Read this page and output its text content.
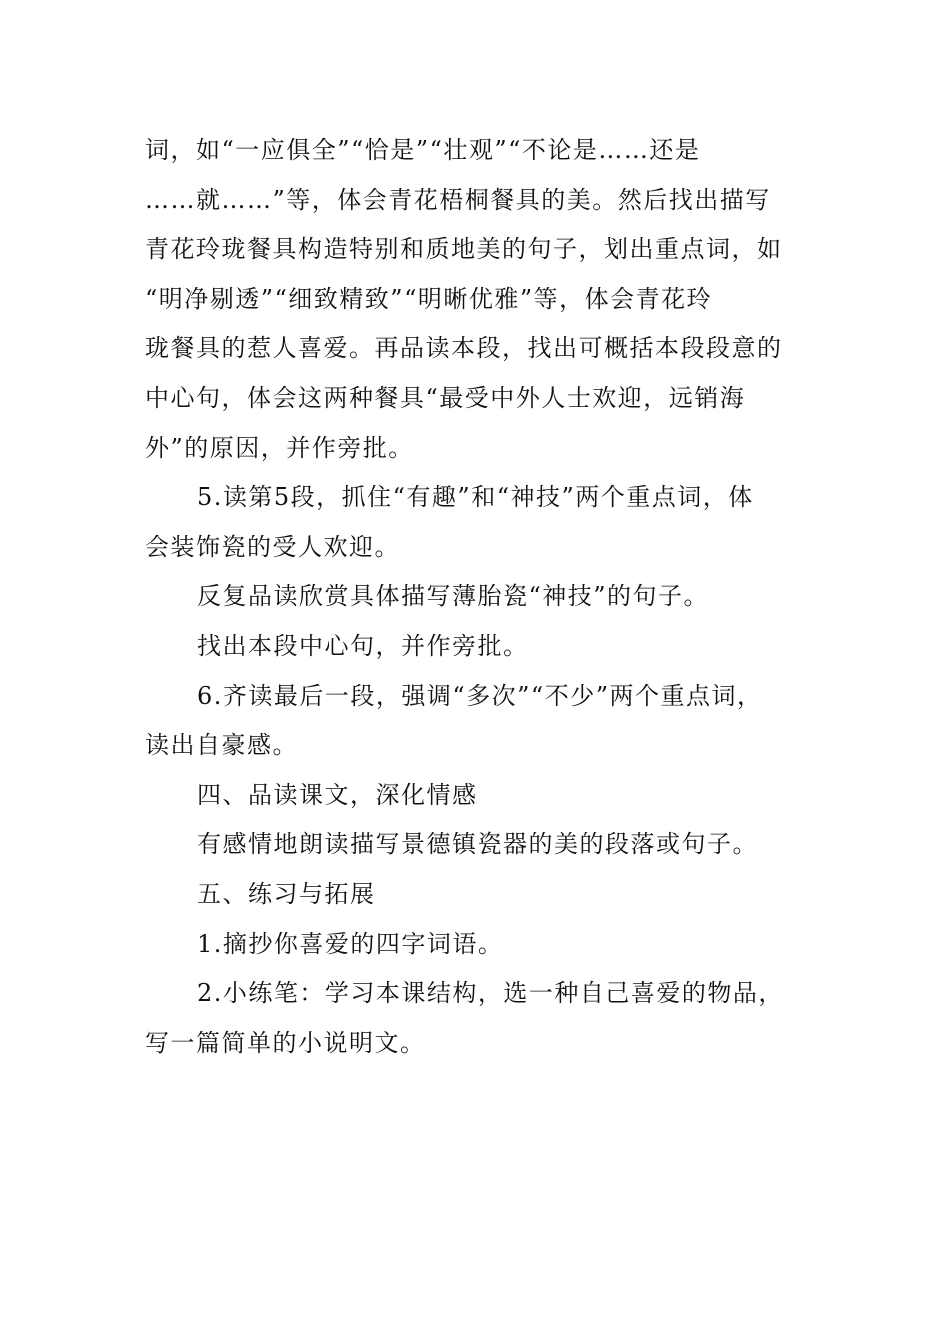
词，如“一应俱全”“恰是”“壮观”“不论是……还是
……就……”等，体会青花梧桐餐具的美。然后找出描写
青花玲珑餐具构造特别和质地美的句子，划出重点词，如
“明净剔透”“细致精致”“明晰优雅”等，体会青花玲
珑餐具的惹人喜爱。再品读本段，找出可概括本段段意的
中心句，体会这两种餐具“最受中外人士欢迎，远销海
外”的原因，并作旁批。
5.读第5段，抓住“有趣”和“神技”两个重点词，体
会装饰瓷的受人欢迎。
反复品读欣赏具体描写薄胎瓷“神技”的句子。
找出本段中心句，并作旁批。
6.齐读最后一段，强调“多次”“不少”两个重点词，
读出自豪感。
四、品读课文，深化情感
有感情地朗读描写景德镇瓷器的美的段落或句子。
五、练习与拓展
1.摘抄你喜爱的四字词语。
2.小练笔：学习本课结构，选一种自己喜爱的物品，
写一篇简单的小说明文。
